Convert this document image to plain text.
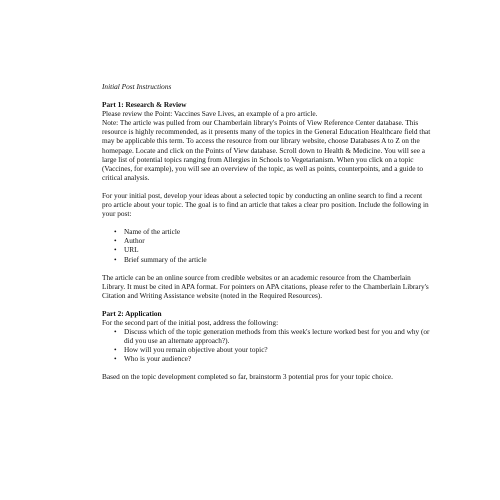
Initial Post Instructions

Part 1: Research & Review

Please review the Point: Vaccines Save Lives, an example of a pro article.

Note: The article was pulled from our Chamberlain library's Points of View Reference Center database. This resource is highly recommended, as it presents many of the topics in the General Education Healthcare field that may be applicable this term. To access the resource from our library website, choose Databases A to Z on the homepage. Locate and click on the Points of View database. Scroll down to Health & Medicine. You will see a large list of potential topics ranging from Allergies in Schools to Vegetarianism. When you click on a topic (Vaccines, for example), you will see an overview of the topic, as well as points, counterpoints, and a guide to critical analysis.

For your initial post, develop your ideas about a selected topic by conducting an online search to find a recent pro article about your topic. The goal is to find an article that takes a clear pro position. Include the following in your post:

• Name of the article
• Author
• URL
• Brief summary of the article

The article can be an online source from credible websites or an academic resource from the Chamberlain Library. It must be cited in APA format. For pointers on APA citations, please refer to the Chamberlain Library's Citation and Writing Assistance website (noted in the Required Resources).

Part 2: Application

For the second part of the initial post, address the following:

• Discuss which of the topic generation methods from this week's lecture worked best for you and why (or did you use an alternate approach?).
• How will you remain objective about your topic?
• Who is your audience?

Based on the topic development completed so far, brainstorm 3 potential pros for your topic choice.
